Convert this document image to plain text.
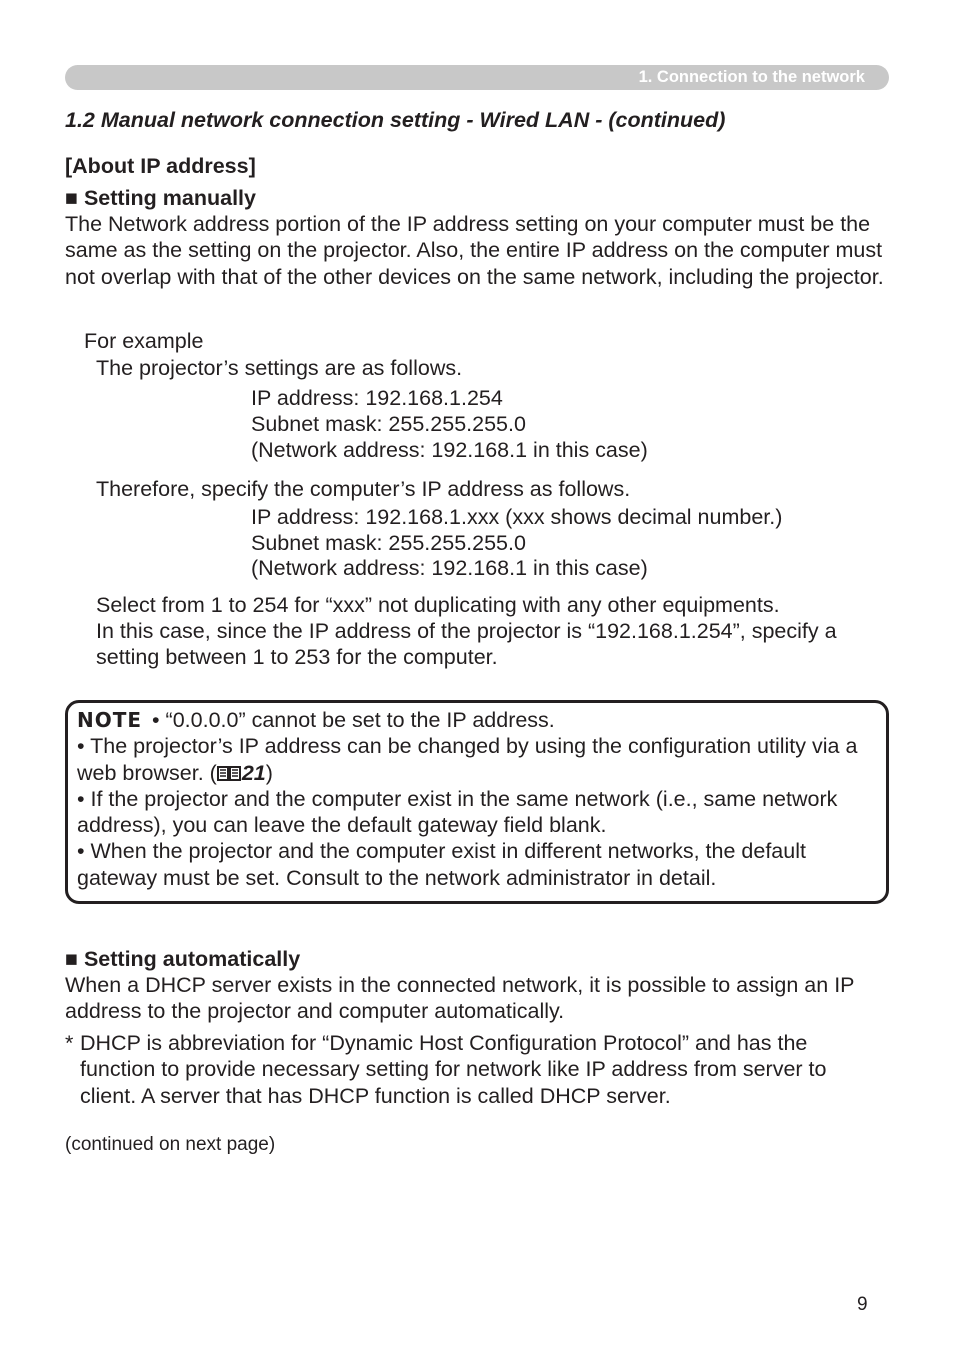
1. Connection to the network
1.2 Manual network connection setting - Wired LAN - (continued)
[About IP address]
■ Setting manually
The Network address portion of the IP address setting on your computer must be the same as the setting on the projector. Also, the entire IP address on the computer must not overlap with that of the other devices on the same network, including the projector.
For example
The projector’s settings are as follows.
IP address: 192.168.1.254
Subnet mask: 255.255.255.0
(Network address: 192.168.1 in this case)
Therefore, specify the computer’s IP address as follows.
IP address: 192.168.1.xxx (xxx shows decimal number.)
Subnet mask: 255.255.255.0
(Network address: 192.168.1 in this case)
Select from 1 to 254 for “xxx” not duplicating with any other equipments.
In this case, since the IP address of the projector is “192.168.1.254”, specify a
setting between 1 to 253 for the computer.
NOTE • “0.0.0.0” cannot be set to the IP address.
• The projector’s IP address can be changed by using the configuration utility via a web browser. ( 21)
• If the projector and the computer exist in the same network (i.e., same network address), you can leave the default gateway field blank.
• When the projector and the computer exist in different networks, the default gateway must be set. Consult to the network administrator in detail.
■ Setting automatically
When a DHCP server exists in the connected network, it is possible to assign an IP address to the projector and computer automatically.
* DHCP is abbreviation for “Dynamic Host Configuration Protocol” and has the function to provide necessary setting for network like IP address from server to client. A server that has DHCP function is called DHCP server.
(continued on next page)
9
